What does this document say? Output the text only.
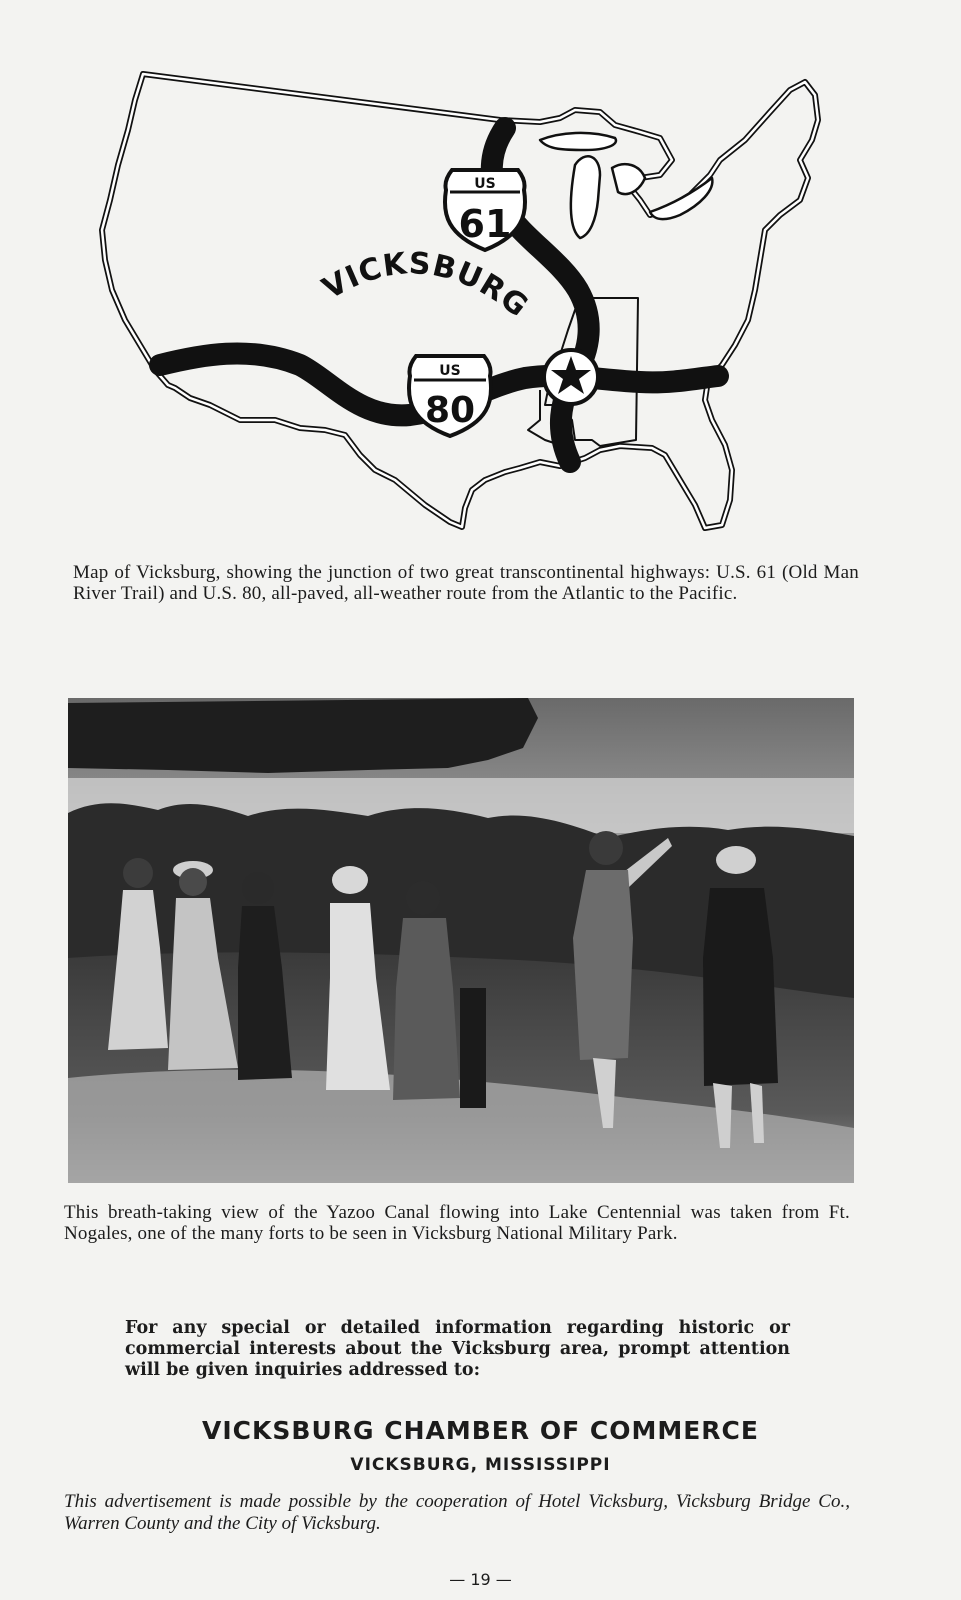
US
61
US
80
VICKSBURG

Map of Vicksburg, showing the junction of two great transcontinental highways: U.S. 61 (Old Man River Trail) and U.S. 80, all-paved, all-weather route from the Atlantic to the Pacific.

This breath-taking view of the Yazoo Canal flowing into Lake Centennial was taken from Ft. Nogales, one of the many forts to be seen in Vicksburg National Military Park.

For any special or detailed information regarding historic or commercial interests about the Vicksburg area, prompt attention will be given inquiries addressed to:

VICKSBURG CHAMBER OF COMMERCE

VICKSBURG, MISSISSIPPI

This advertisement is made possible by the cooperation of Hotel Vicksburg, Vicksburg Bridge Co., Warren County and the City of Vicksburg.

— 19 —
